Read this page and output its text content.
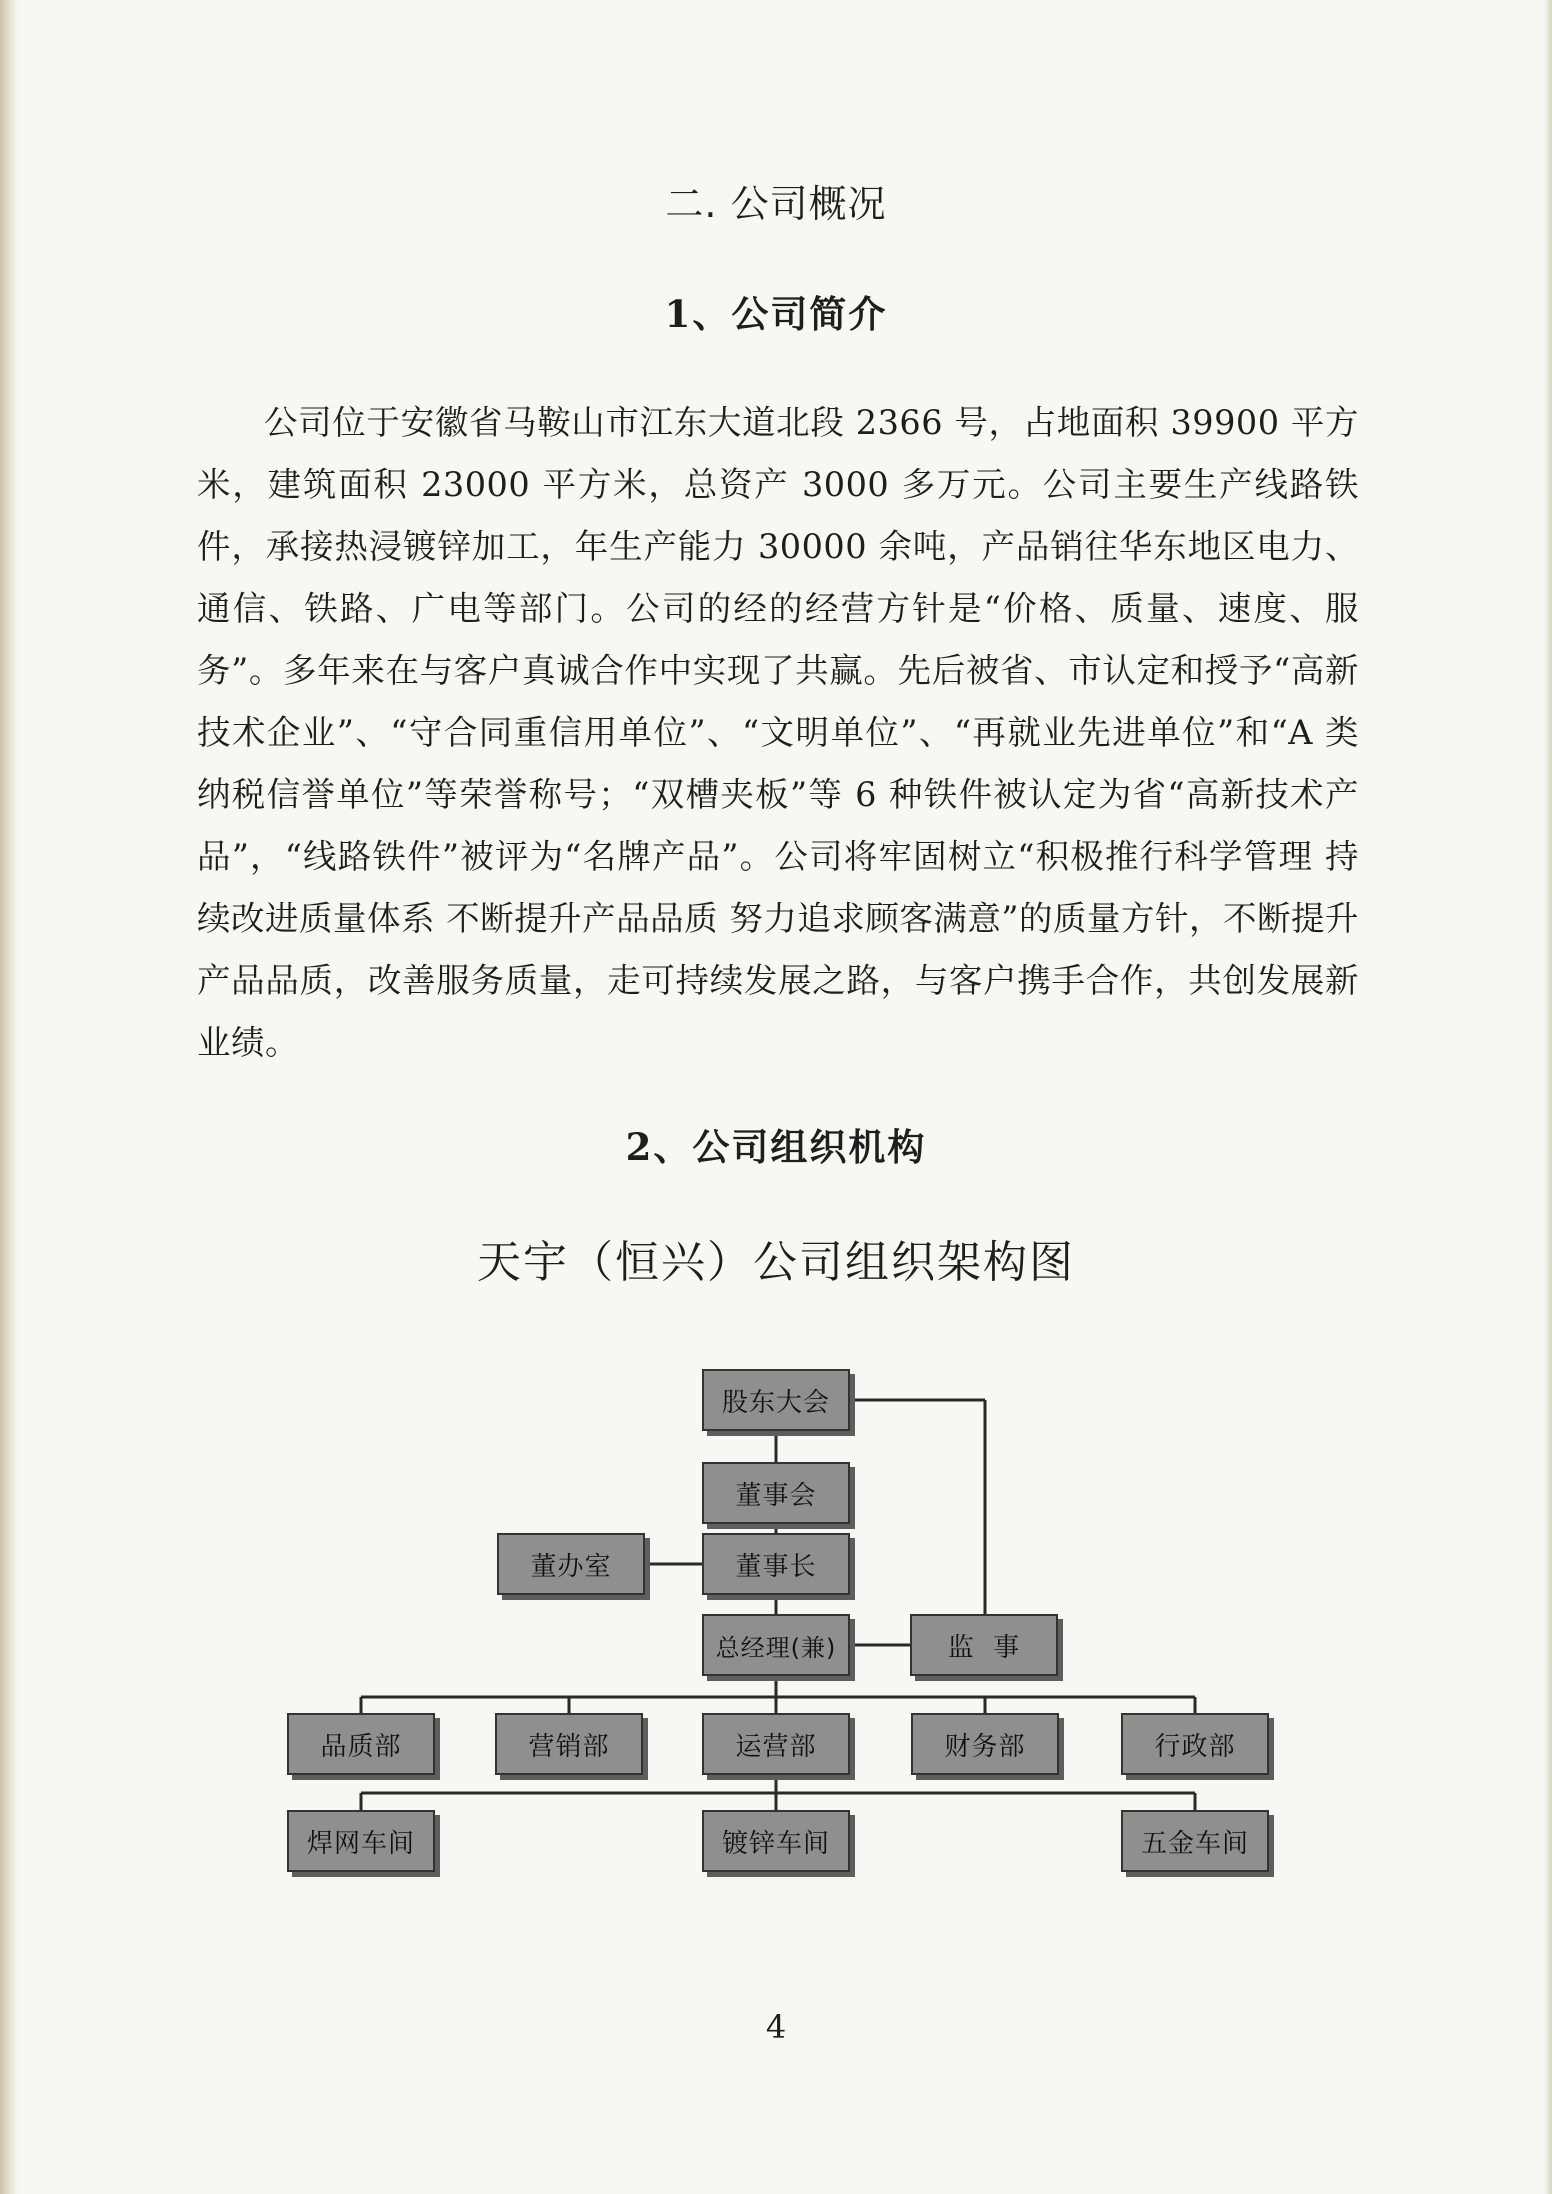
二. 公司概况
1、公司简介

公司位于安徽省马鞍山市江东大道北段 2366 号，占地面积 39900 平方米，建筑面积 23000 平方米，总资产 3000 多万元。公司主要生产线路铁件，承接热浸镀锌加工，年生产能力 30000 余吨，产品销往华东地区电力、通信、铁路、广电等部门。公司的经的经营方针是“价格、质量、速度、服务”。多年来在与客户真诚合作中实现了共赢。先后被省、市认定和授予“高新技术企业”、“守合同重信用单位”、“文明单位”、“再就业先进单位”和“A 类纳税信誉单位”等荣誉称号；“双槽夹板”等 6 种铁件被认定为省“高新技术产品”，“线路铁件”被评为“名牌产品”。公司将牢固树立“积极推行科学管理 持续改进质量体系 不断提升产品品质 努力追求顾客满意”的质量方针，不断提升产品品质，改善服务质量，走可持续发展之路，与客户携手合作，共创发展新业绩。

2、公司组织机构
天宇（恒兴）公司组织架构图
股东大会
董事会
董办室	董事长
总经理(兼)	监  事
品质部	营销部	运营部	财务部	行政部
焊网车间	镀锌车间	五金车间
4
